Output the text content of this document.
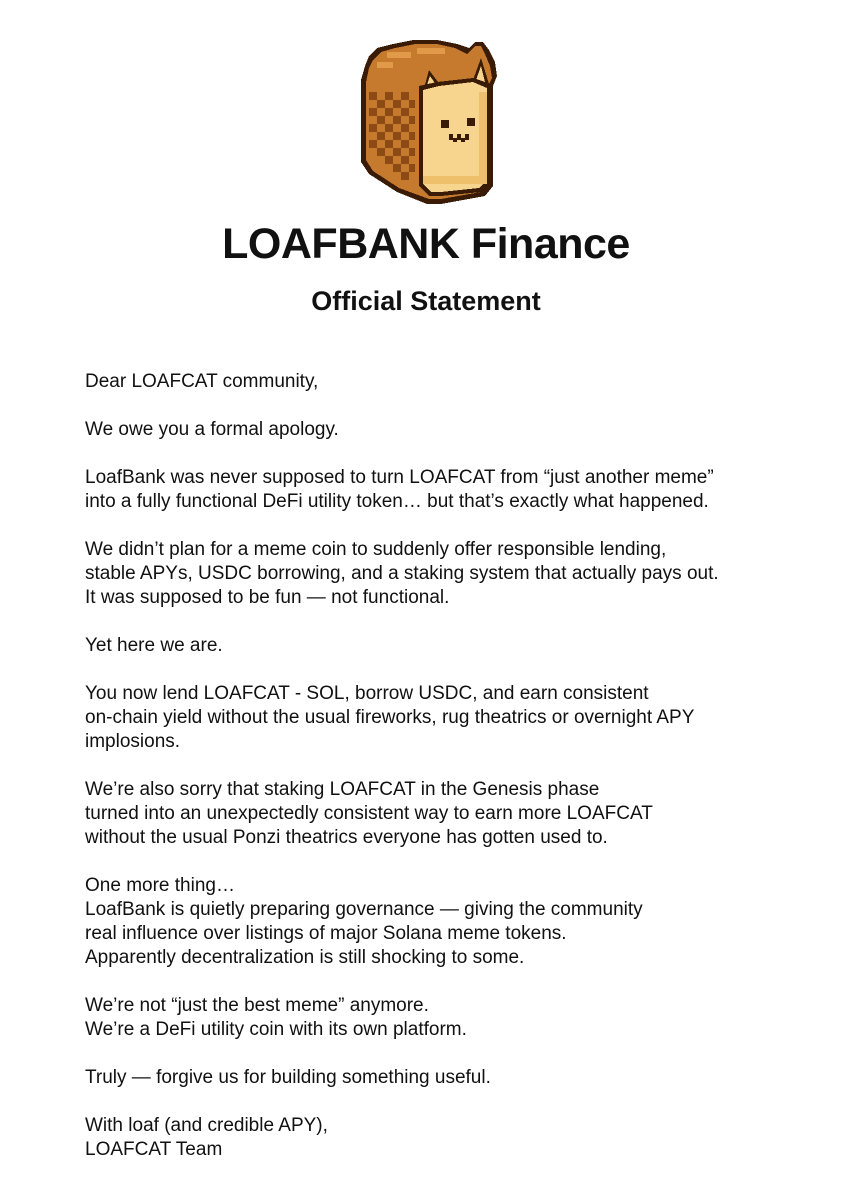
LOAFBANK Finance
Official Statement

Dear LOAFCAT community,

We owe you a formal apology.

LoafBank was never supposed to turn LOAFCAT from “just another meme”
into a fully functional DeFi utility token… but that’s exactly what happened.

We didn’t plan for a meme coin to suddenly offer responsible lending,
stable APYs, USDC borrowing, and a staking system that actually pays out.
It was supposed to be fun — not functional.

Yet here we are.

You now lend LOAFCAT - SOL, borrow USDC, and earn consistent
on-chain yield without the usual fireworks, rug theatrics or overnight APY
implosions.

We’re also sorry that staking LOAFCAT in the Genesis phase
turned into an unexpectedly consistent way to earn more LOAFCAT
without the usual Ponzi theatrics everyone has gotten used to.

One more thing…
LoafBank is quietly preparing governance — giving the community
real influence over listings of major Solana meme tokens.
Apparently decentralization is still shocking to some.

We’re not “just the best meme” anymore.
We’re a DeFi utility coin with its own platform.

Truly — forgive us for building something useful.

With loaf (and credible APY),
LOAFCAT Team
